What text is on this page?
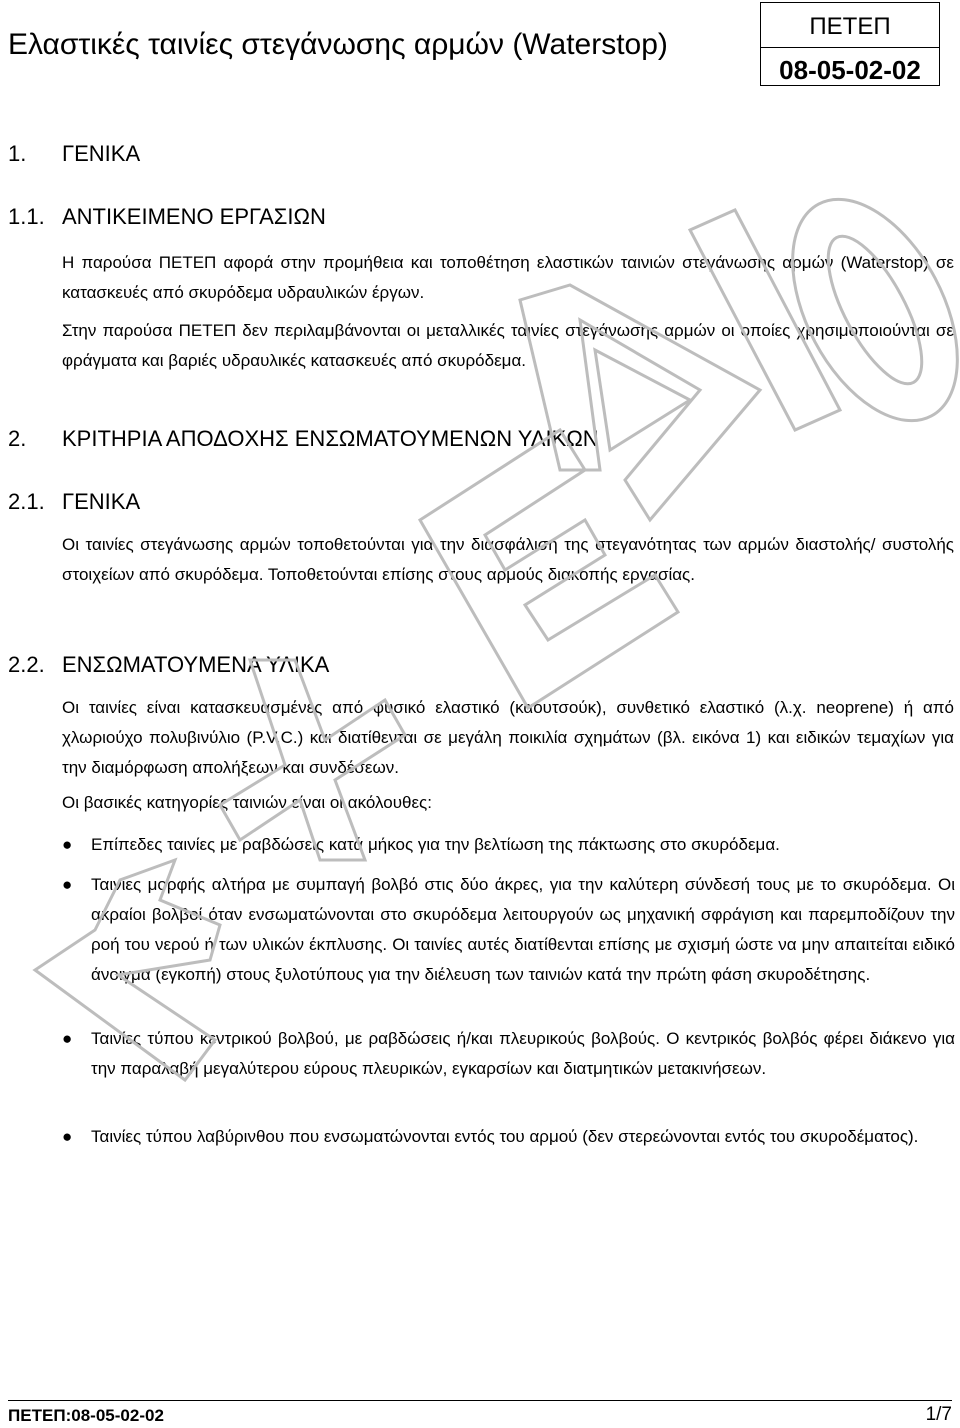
Ελαστικές ταινίες στεγάνωσης αρμών (Waterstop)
ΠΕΤΕΠ
08-05-02-02
1. ΓΕΝΙΚΑ
1.1. ΑΝΤΙΚΕΙΜΕΝΟ ΕΡΓΑΣΙΩΝ
Η παρούσα ΠΕΤΕΠ αφορά στην προμήθεια και τοποθέτηση ελαστικών ταινιών στεγάνωσης αρμών (Waterstop) σε κατασκευές από σκυρόδεμα υδραυλικών έργων.
Στην παρούσα ΠΕΤΕΠ δεν περιλαμβάνονται οι μεταλλικές ταινίες στεγάνωσης αρμών οι οποίες χρησιμοποιούνται σε φράγματα και βαριές υδραυλικές κατασκευές από σκυρόδεμα.
2. ΚΡΙΤΗΡΙΑ ΑΠΟΔΟΧΗΣ ΕΝΣΩΜΑΤΟΥΜΕΝΩΝ ΥΛΙΚΩΝ
2.1. ΓΕΝΙΚΑ
Οι ταινίες στεγάνωσης αρμών τοποθετούνται για την διασφάλιση της στεγανότητας των αρμών διαστολής/ συστολής στοιχείων από σκυρόδεμα. Τοποθετούνται επίσης στους αρμούς διακοπής εργασίας.
2.2. ΕΝΣΩΜΑΤΟΥΜΕΝΑ ΥΛΙΚΑ
Οι ταινίες είναι κατασκευασμένες από φυσικό ελαστικό (καουτσούκ), συνθετικό ελαστικό (λ.χ. neoprene) ή από χλωριούχο πολυβινύλιο (P.V.C.) και διατίθενται σε μεγάλη ποικιλία σχημάτων (βλ. εικόνα 1) και ειδικών τεμαχίων για την διαμόρφωση απολήξεων και συνδέσεων.
Οι βασικές κατηγορίες ταινιών είναι οι ακόλουθες:
● Επίπεδες ταινίες με ραβδώσεις κατά μήκος για την βελτίωση της πάκτωσης στο σκυρόδεμα.
● Ταινίες μορφής αλτήρα με συμπαγή βολβό στις δύο άκρες, για την καλύτερη σύνδεσή τους με το σκυρόδεμα. Οι ακραίοι βολβοί όταν ενσωματώνονται στο σκυρόδεμα λειτουργούν ως μηχανική σφράγιση και παρεμποδίζουν την ροή του νερού ή των υλικών έκπλυσης. Οι ταινίες αυτές διατίθενται επίσης με σχισμή ώστε να μην απαιτείται ειδικό άνοιγμα (εγκοπή) στους ξυλοτύπους για την διέλευση των ταινιών κατά την πρώτη φάση σκυροδέτησης.
● Ταινίες τύπου κεντρικού βολβού, με ραβδώσεις ή/και πλευρικούς βολβούς. Ο κεντρικός βολβός φέρει διάκενο για την παραλαβή μεγαλύτερου εύρους πλευρικών, εγκαρσίων και διατμητικών μετακινήσεων.
● Ταινίες τύπου λαβύρινθου που ενσωματώνονται εντός του αρμού (δεν στερεώνονται εντός του σκυροδέματος).
ΠΕΤΕΠ:08-05-02-02	1/7
